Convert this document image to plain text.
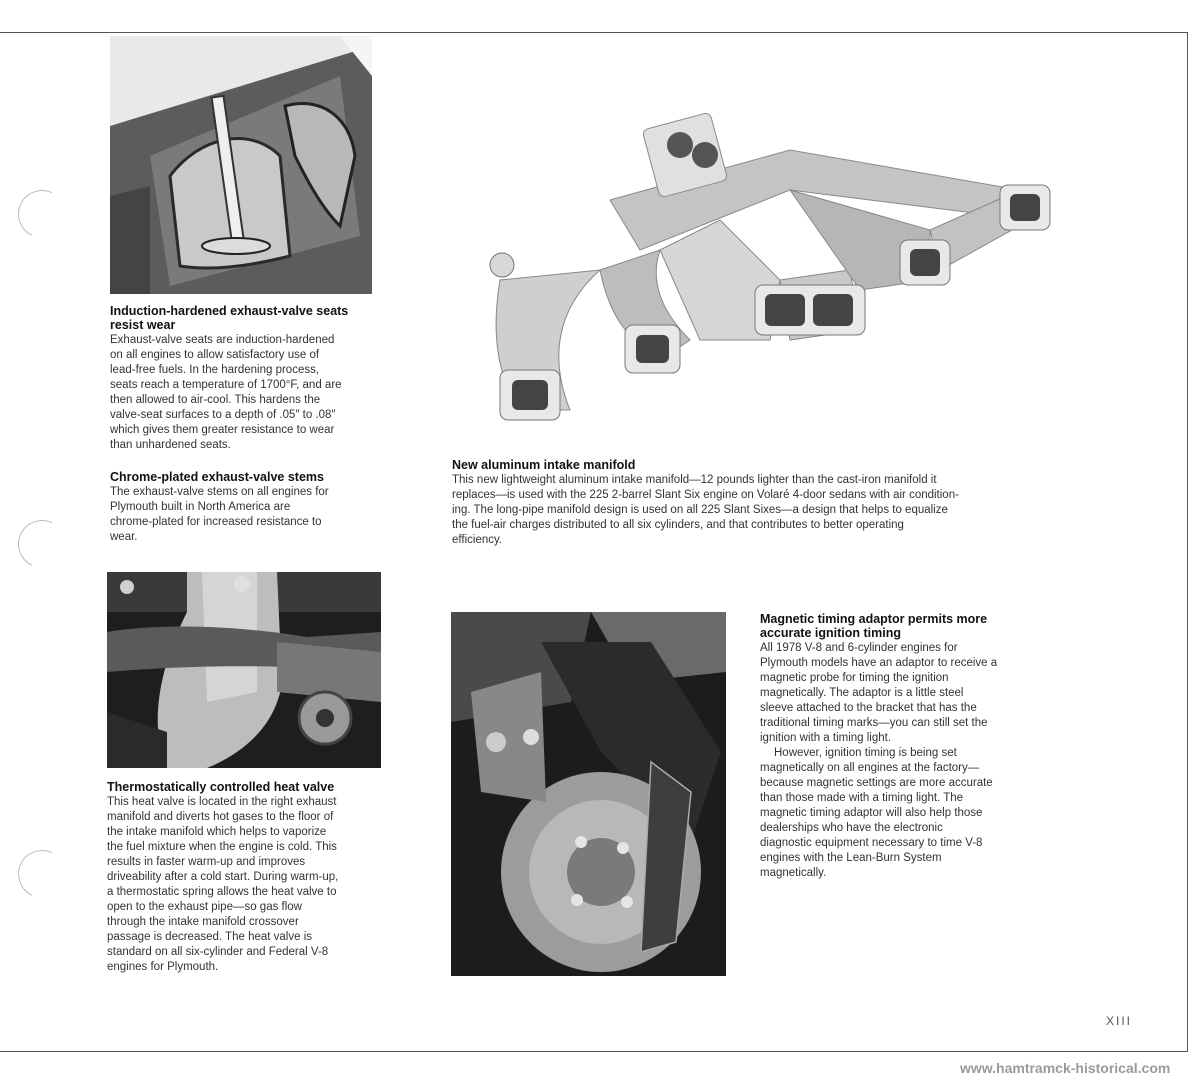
Induction-hardened exhaust-valve seats
resist wear

Exhaust-valve seats are induction-hardened
on all engines to allow satisfactory use of
lead-free fuels. In the hardening process,
seats reach a temperature of 1700°F, and are
then allowed to air-cool. This hardens the
valve-seat surfaces to a depth of .05″ to .08″
which gives them greater resistance to wear
than unhardened seats.

Chrome-plated exhaust-valve stems

The exhaust-valve stems on all engines for
Plymouth built in North America are
chrome-plated for increased resistance to
wear.

New aluminum intake manifold

This new lightweight aluminum intake manifold—12 pounds lighter than the cast-iron manifold it
replaces—is used with the 225 2-barrel Slant Six engine on Volaré 4-door sedans with air condition-
ing. The long-pipe manifold design is used on all 225 Slant Sixes—a design that helps to equalize
the fuel-air charges distributed to all six cylinders, and that contributes to better operating
efficiency.

Thermostatically controlled heat valve

This heat valve is located in the right exhaust
manifold and diverts hot gases to the floor of
the intake manifold which helps to vaporize
the fuel mixture when the engine is cold. This
results in faster warm-up and improves
driveability after a cold start. During warm-up,
a thermostatic spring allows the heat valve to
open to the exhaust pipe—so gas flow
through the intake manifold crossover
passage is decreased. The heat valve is
standard on all six-cylinder and Federal V-8
engines for Plymouth.

Magnetic timing adaptor permits more
accurate ignition timing

All 1978 V-8 and 6-cylinder engines for
Plymouth models have an adaptor to receive a
magnetic probe for timing the ignition
magnetically. The adaptor is a little steel
sleeve attached to the bracket that has the
traditional timing marks—you can still set the
ignition with a timing light.

However, ignition timing is being set
magnetically on all engines at the factory—
because magnetic settings are more accurate
than those made with a timing light. The
magnetic timing adaptor will also help those
dealerships who have the electronic
diagnostic equipment necessary to time V-8
engines with the Lean-Burn System
magnetically.

XIII
www.hamtramck-historical.com
